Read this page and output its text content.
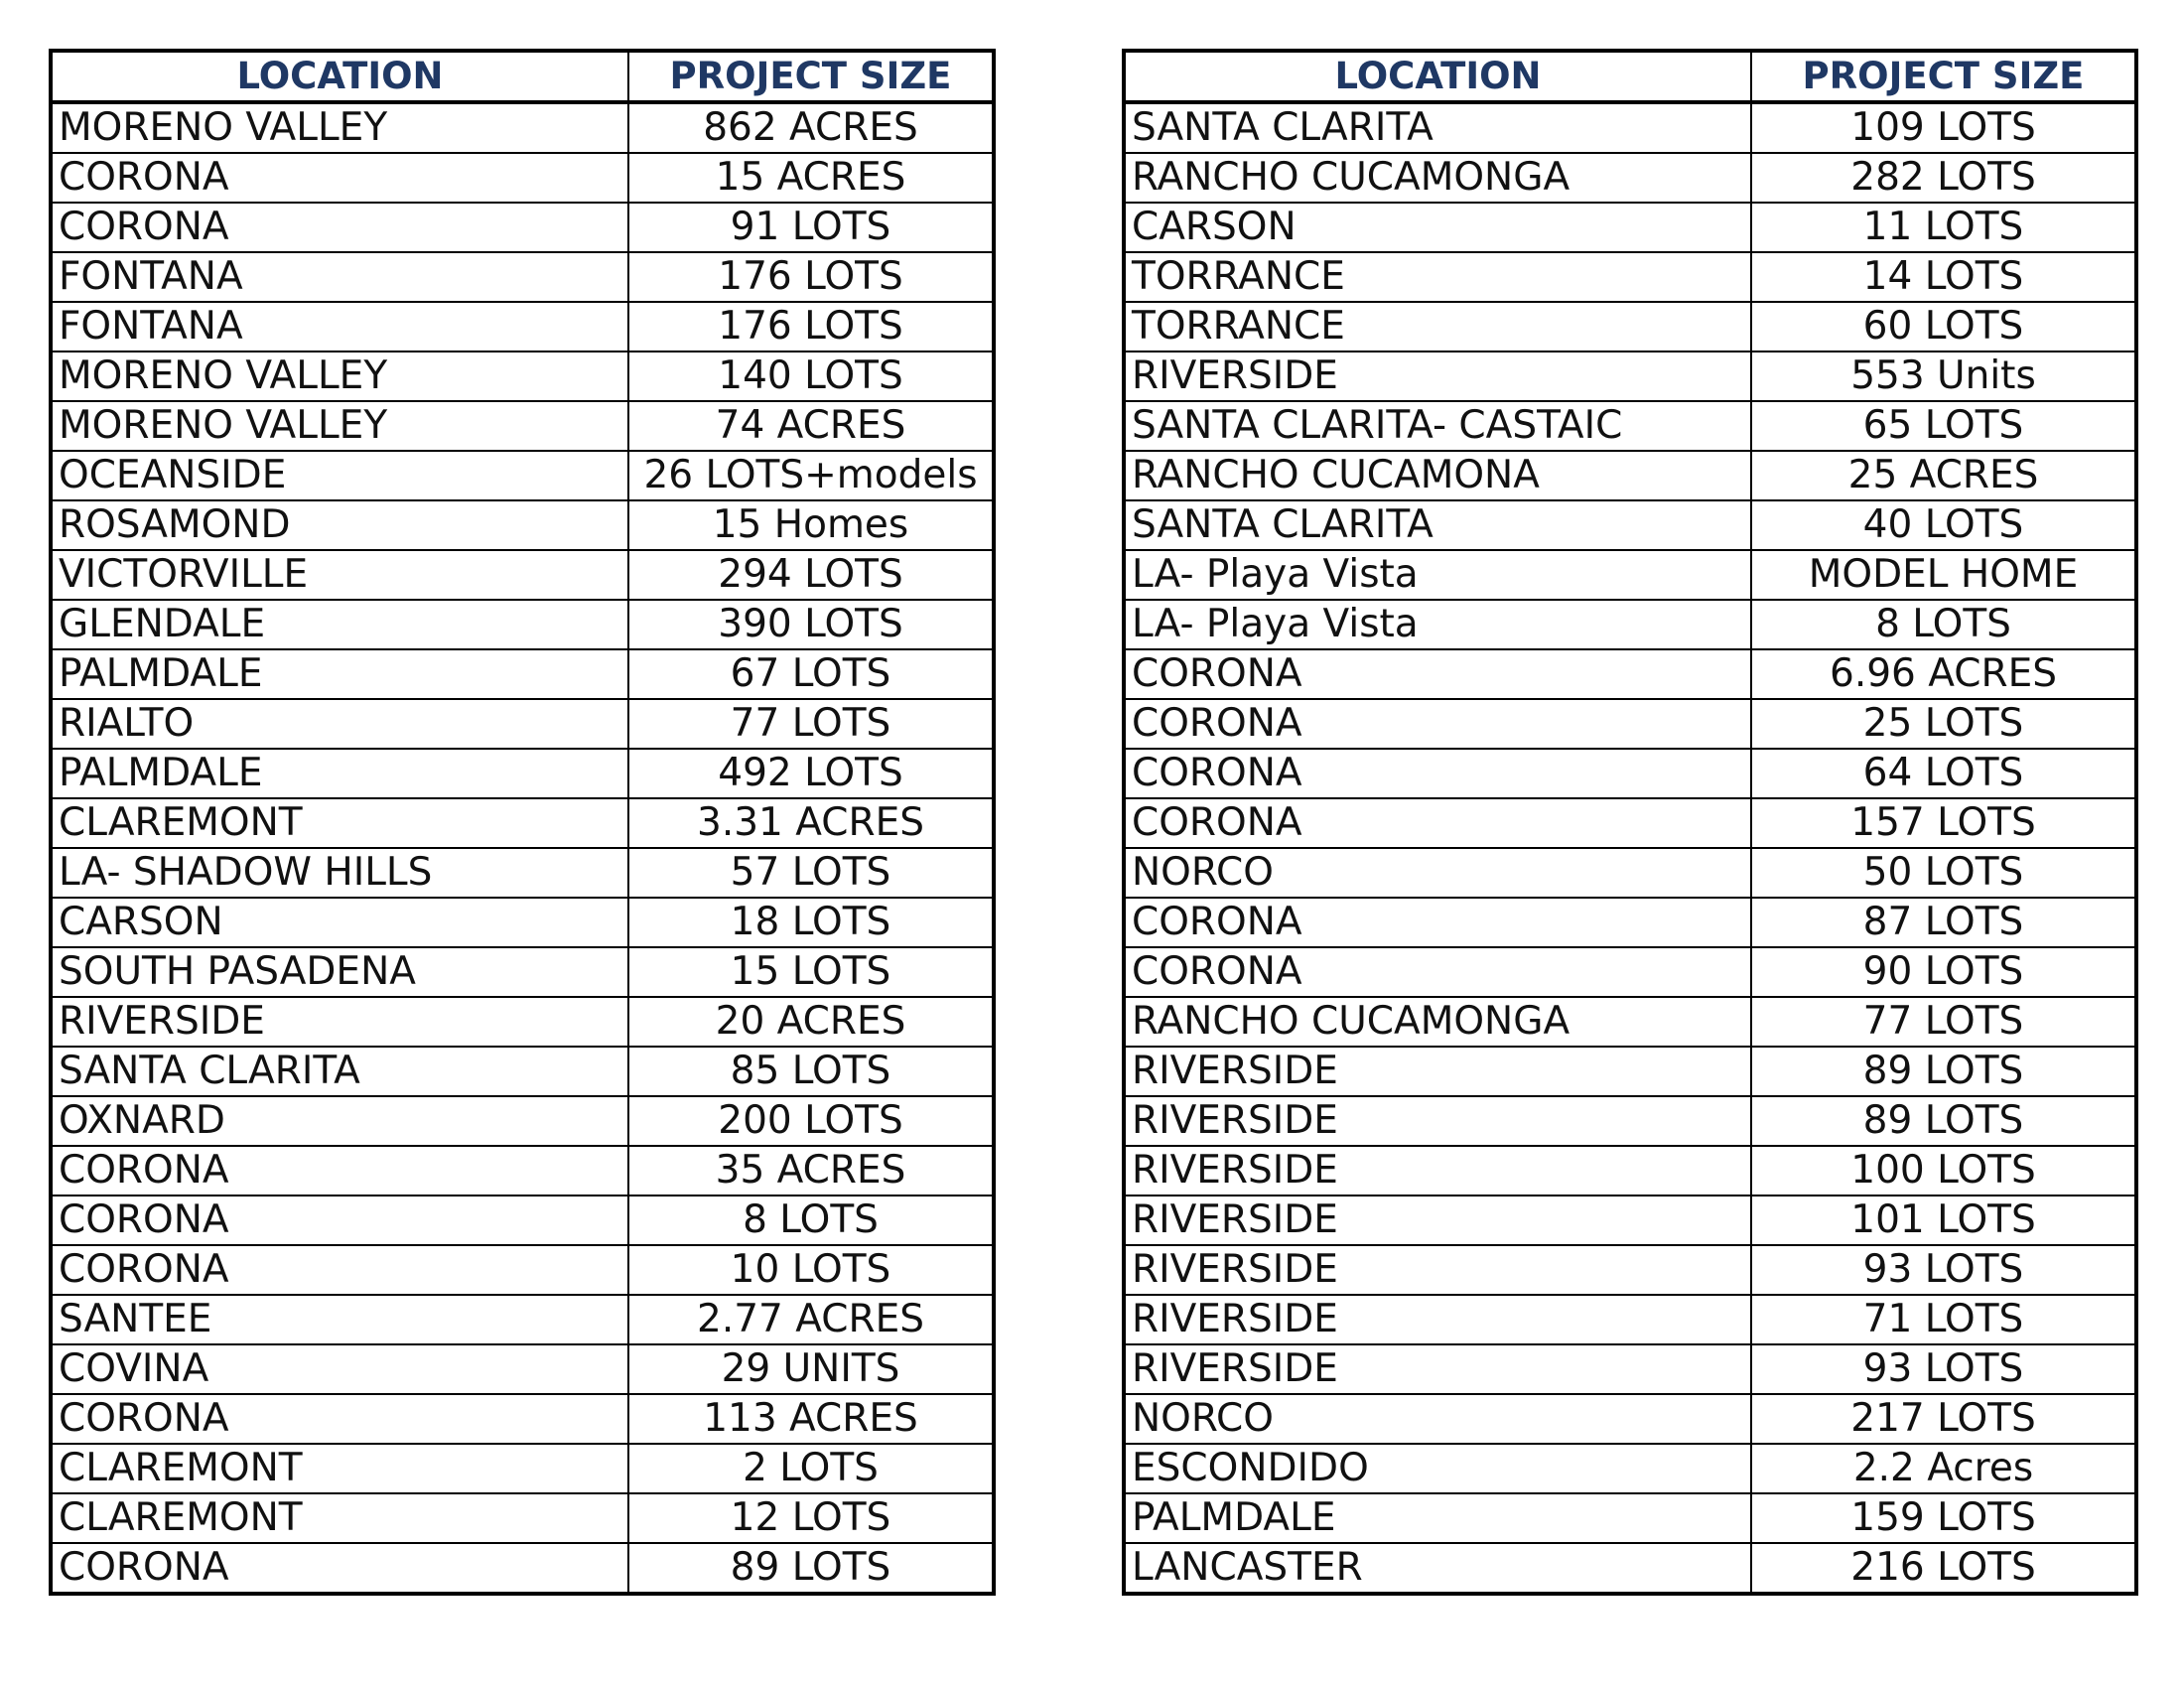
LOCATION	PROJECT SIZE
MORENO VALLEY	862 ACRES
CORONA	15 ACRES
CORONA	91 LOTS
FONTANA	176 LOTS
FONTANA	176 LOTS
MORENO VALLEY	140 LOTS
MORENO VALLEY	74 ACRES
OCEANSIDE	26 LOTS+models
ROSAMOND	15 Homes
VICTORVILLE	294 LOTS
GLENDALE	390 LOTS
PALMDALE	67 LOTS
RIALTO	77 LOTS
PALMDALE	492 LOTS
CLAREMONT	3.31 ACRES
LA- SHADOW HILLS	57 LOTS
CARSON	18 LOTS
SOUTH PASADENA	15 LOTS
RIVERSIDE	20 ACRES
SANTA CLARITA	85 LOTS
OXNARD	200 LOTS
CORONA	35 ACRES
CORONA	8 LOTS
CORONA	10 LOTS
SANTEE	2.77 ACRES
COVINA	29 UNITS
CORONA	113 ACRES
CLAREMONT	2 LOTS
CLAREMONT	12 LOTS
CORONA	89 LOTS
LOCATION	PROJECT SIZE
SANTA CLARITA	109 LOTS
RANCHO CUCAMONGA	282 LOTS
CARSON	11 LOTS
TORRANCE	14 LOTS
TORRANCE	60 LOTS
RIVERSIDE	553 Units
SANTA CLARITA- CASTAIC	65 LOTS
RANCHO CUCAMONA	25 ACRES
SANTA CLARITA	40 LOTS
LA- Playa Vista	MODEL HOME
LA- Playa Vista	8 LOTS
CORONA	6.96 ACRES
CORONA	25 LOTS
CORONA	64 LOTS
CORONA	157 LOTS
NORCO	50 LOTS
CORONA	87 LOTS
CORONA	90 LOTS
RANCHO CUCAMONGA	77 LOTS
RIVERSIDE	89 LOTS
RIVERSIDE	89 LOTS
RIVERSIDE	100 LOTS
RIVERSIDE	101 LOTS
RIVERSIDE	93 LOTS
RIVERSIDE	71 LOTS
RIVERSIDE	93 LOTS
NORCO	217 LOTS
ESCONDIDO	2.2 Acres
PALMDALE	159 LOTS
LANCASTER	216 LOTS
